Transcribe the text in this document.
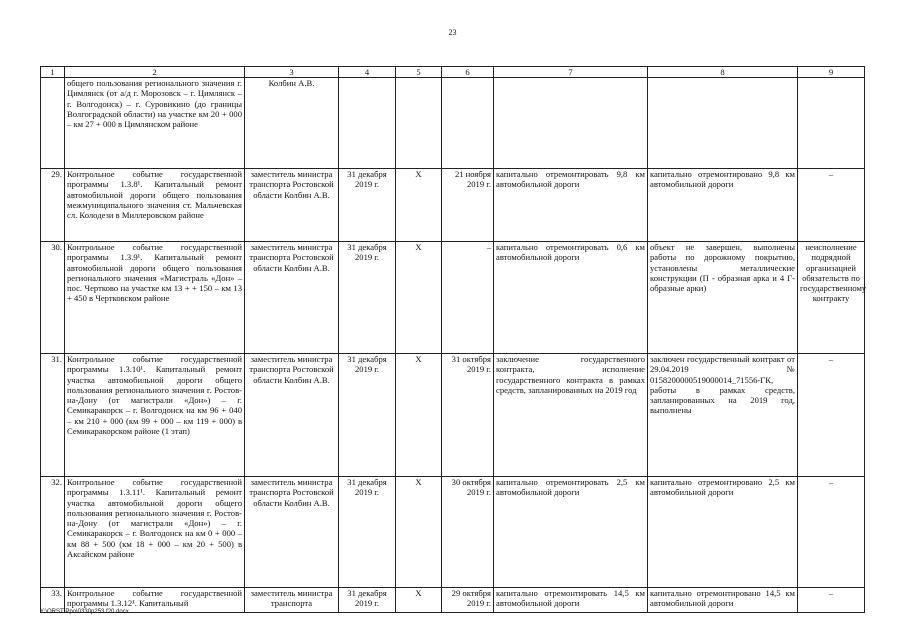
23
1	2	3	4	5	6	7	8	9
	общего пользования регионального значения г. Цимлянск (от а/д г. Морозовск – г. Цимлянск – г. Волгодонск) – г. Суровикино (до границы Волгоградской области) на участке км 20 + 000 – км 27 + 000 в Цимлянском районе	Колбин А.В.						
29.	Контрольное событие государственной программы 1.3.8¹. Капитальный ремонт автомобильной дороги общего пользования межмуниципального значения ст. Мальчевская сл. Колодези в Миллеровском районе	заместитель министра транспорта Ростовской области Колбин А.В.	31 декабря 2019 г.	X	21 ноября 2019 г.	капитально отремонтировать 9,8 км автомобильной дороги	капитально отремонтировано 9,8 км автомобильной дороги	–
30.	Контрольное событие государственной программы 1.3.9¹. Капитальный ремонт автомобильной дороги общего пользования регионального значения «Магистраль «Дон» – пос. Чертково на участке км 13 + + 150 – км 13 + 450 в Чертковском районе	заместитель министра транспорта Ростовской области Колбин А.В.	31 декабря 2019 г.	X	–	капитально отремонтировать 0,6 км автомобильной дороги	объект не завершен, выполнены работы по дорожному покрытию, установлены металлические конструкции (П - образная арка и 4 Г- образные арки)	неисполнение подрядной организацией обязательств по государственному контракту
31.	Контрольное событие государственной программы 1.3.10¹. Капитальный ремонт участка автомобильной дороги общего пользования регионального значения г. Ростов-на-Дону (от магистрали «Дон») – г. Семикаракорск – г. Волгодонск на км 96 + 040 – км 210 + 000 (км 99 + 000 – км 119 + 000) в Семикаракорском районе (1 этап)	заместитель министра транспорта Ростовской области Колбин А.В.	31 декабря 2019 г.	X	31 октября 2019 г.	заключение государственного контракта, исполнение государственного контракта в рамках средств, запланированных на 2019 год	заключен государственный контракт от 29.04.2019 № 0158200000519000014_71556-ГК, работы в рамках средств, запланированных на 2019 год, выполнены	–
32.	Контрольное событие государственной программы 1.3.11¹. Капитальный ремонт участка автомобильной дороги общего пользования регионального значения г. Ростов-на-Дону (от магистрали «Дон») – г. Семикаракорск – г. Волгодонск на км 0 + 000 – км 88 + 500 (км 18 + 000 – км 20 + 500) в Аксайском районе	заместитель министра транспорта Ростовской области Колбин А.В.	31 декабря 2019 г.	X	30 октября 2019 г.	капитально отремонтировать 2,5 км автомобильной дороги	капитально отремонтировано 2,5 км автомобильной дороги	–
33.	Контрольное событие государственной программы 1.3.12¹. Капитальный	заместитель министра транспорта	31 декабря 2019 г.	X	29 октября 2019 г.	капитально отремонтировать 14,5 км автомобильной дороги	капитально отремонтировано 14,5 км автомобильной дороги	–
Y:\ORST\Ppo\0330p253.f20.docx
